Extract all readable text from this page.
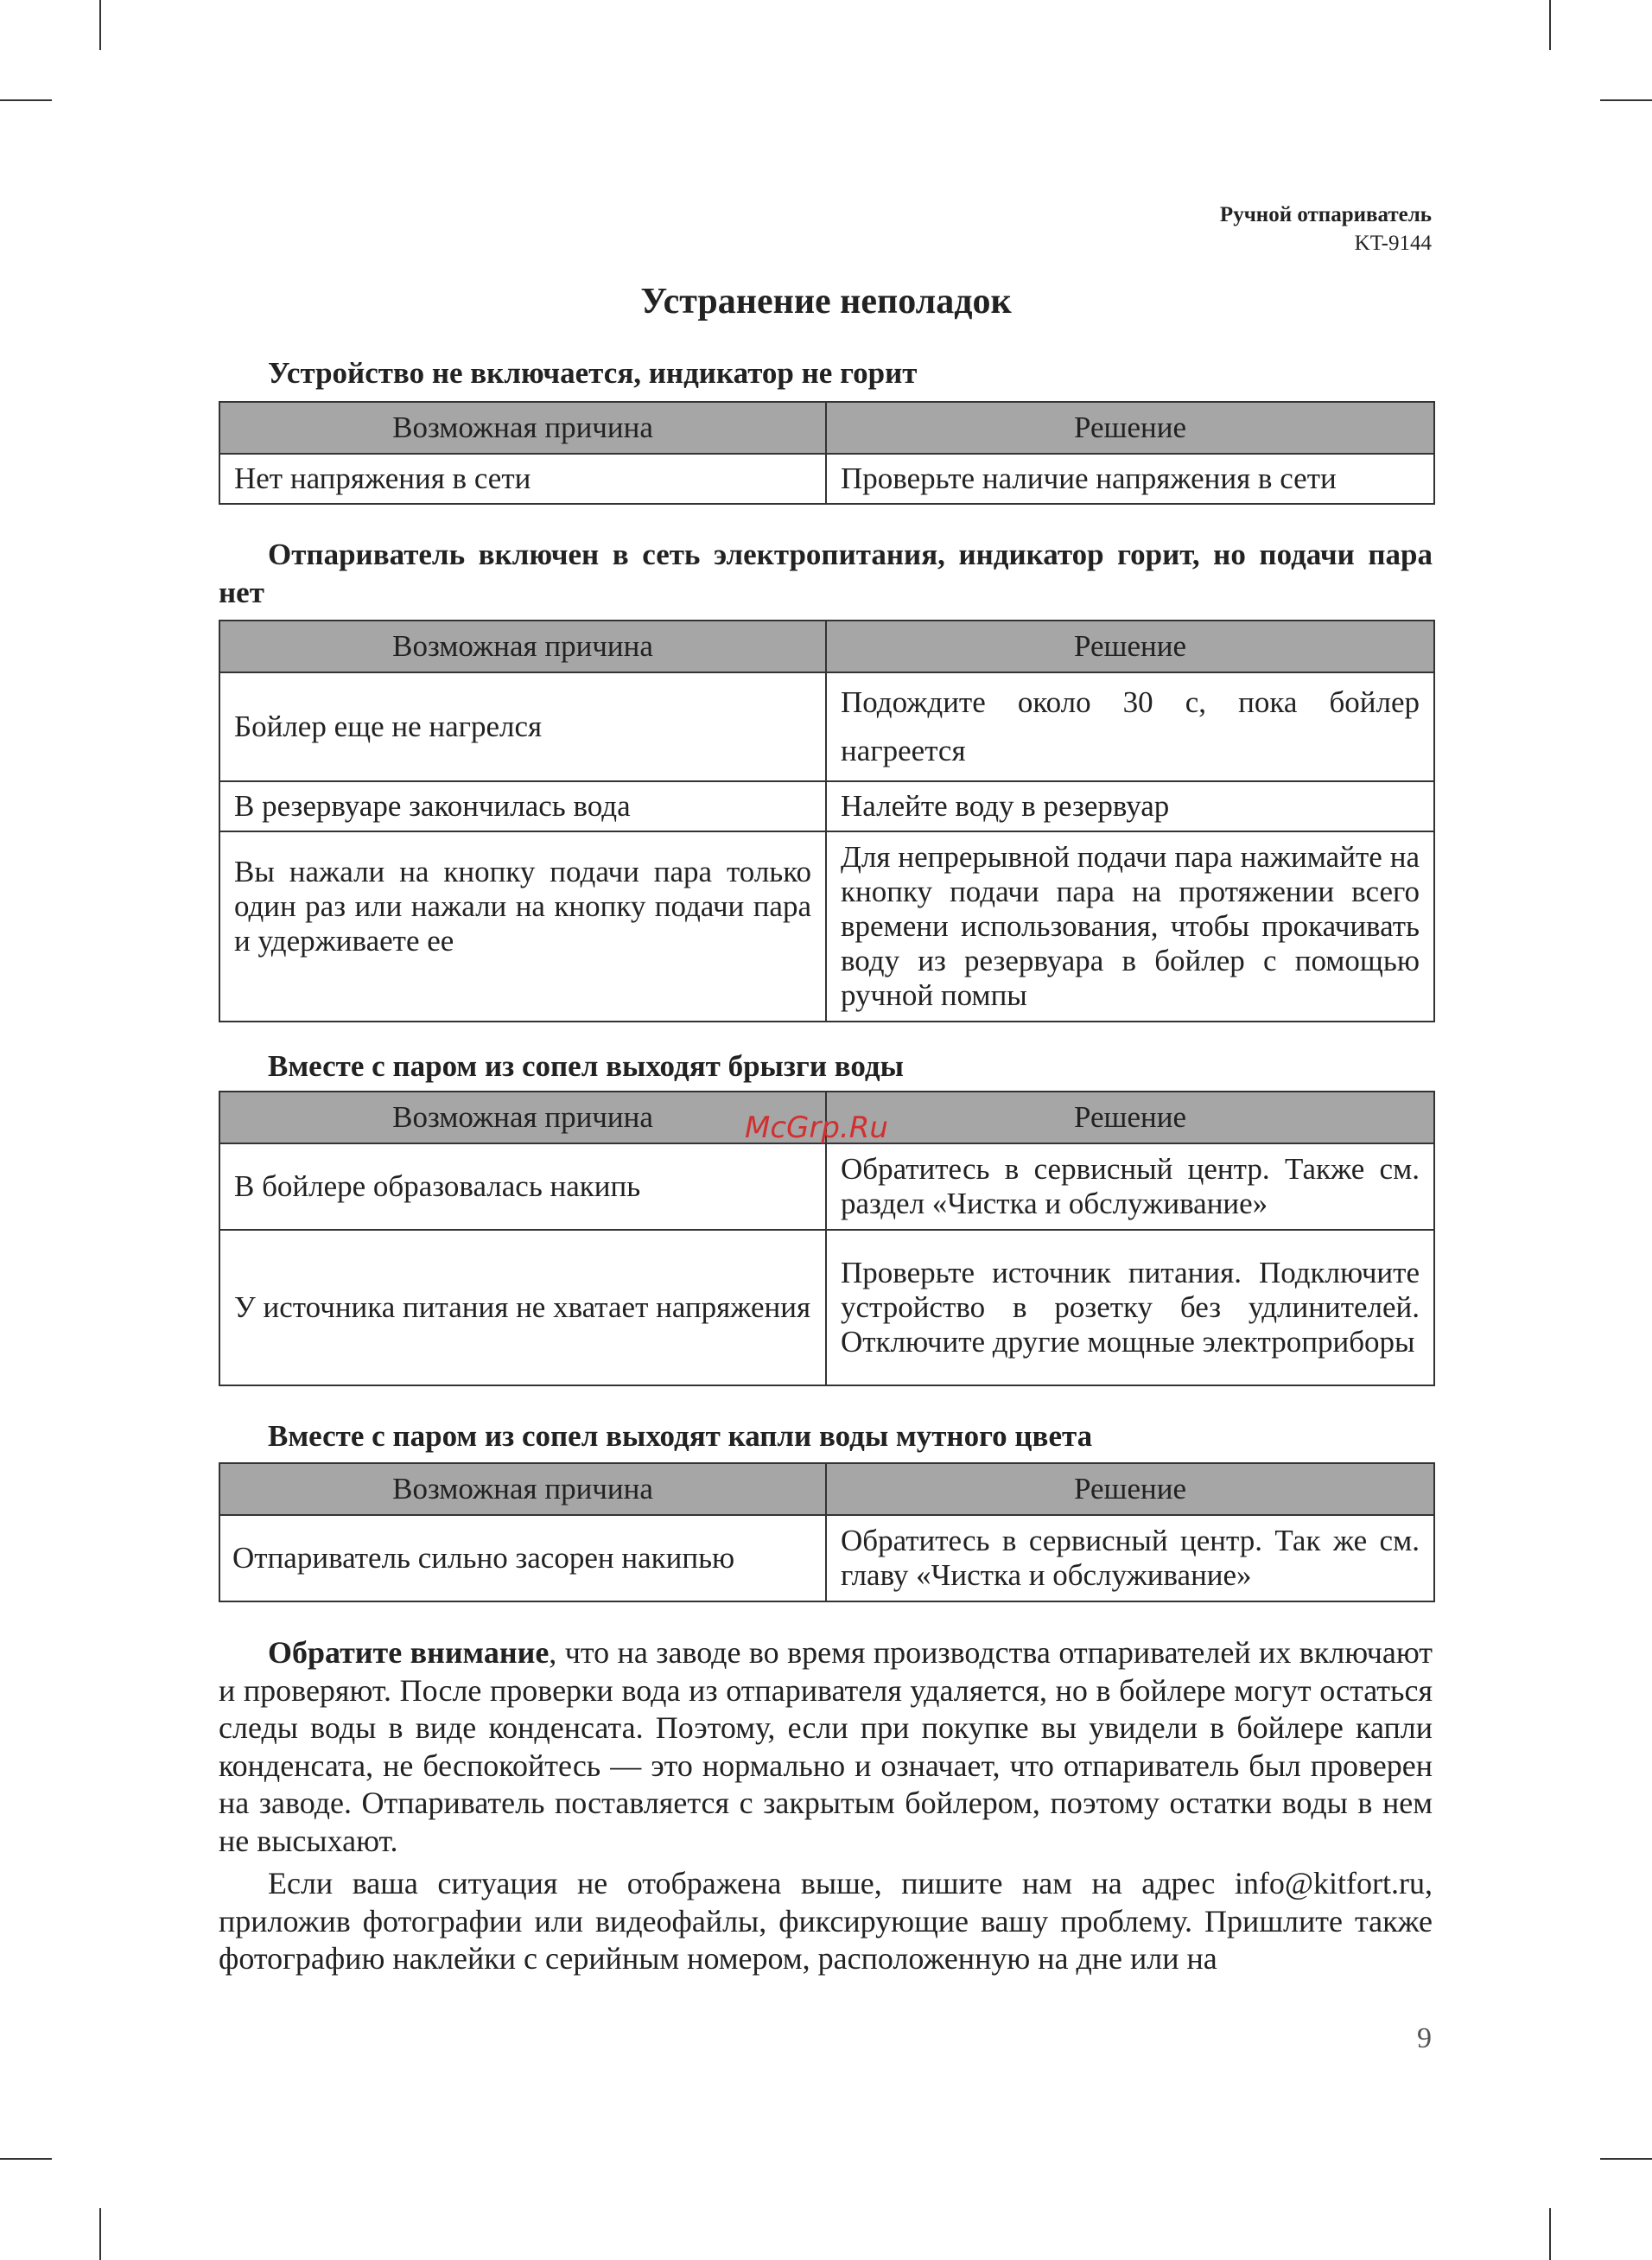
Ручной отпариватель
KT-9144
Устранение неполадок
Устройство не включается, индикатор не горит
Возможная причина	Решение
Нет напряжения в сети	Проверьте наличие напряжения в сети
Отпариватель включен в сеть электропитания, индикатор горит, но подачи пара нет
Возможная причина	Решение
Бойлер еще не нагрелся	Подождите около 30 с, пока бойлер нагреется
В резервуаре закончилась вода	Налейте воду в резервуар
Вы нажали на кнопку подачи пара только один раз или нажали на кнопку подачи пара и удерживаете ее	Для непрерывной подачи пара нажимайте на кнопку подачи пара на протяжении всего времени использования, чтобы прокачивать воду из резервуара в бойлер с помощью ручной помпы
Вместе с паром из сопел выходят брызги воды
Возможная причина	Решение
В бойлере образовалась накипь	Обратитесь в сервисный центр. Также см. раздел «Чистка и обслуживание»
У источника питания не хватает напряжения	Проверьте источник питания. Подключите устройство в розетку без удлинителей. Отключите другие мощные электроприборы
Вместе с паром из сопел выходят капли воды мутного цвета
Возможная причина	Решение
Отпариватель сильно засорен накипью	Обратитесь в сервисный центр. Так же см. главу «Чистка и обслуживание»

Обратите внимание, что на заводе во время производства отпаривателей их включают и проверяют. После проверки вода из отпаривателя удаляется, но в бойлере могут остаться следы воды в виде конденсата. Поэтому, если при покупке вы увидели в бойлере капли конденсата, не беспокойтесь — это нормально и означает, что отпариватель был проверен на заводе. Отпариватель поставляется с закрытым бойлером, поэтому остатки воды в нем не высыхают.

Если ваша ситуация не отображена выше, пишите нам на адрес info@kitfort.ru, приложив фотографии или видеофайлы, фиксирующие вашу проблему. Пришлите также фотографию наклейки с серийным номером, расположенную на дне или на

McGrp.Ru
9
